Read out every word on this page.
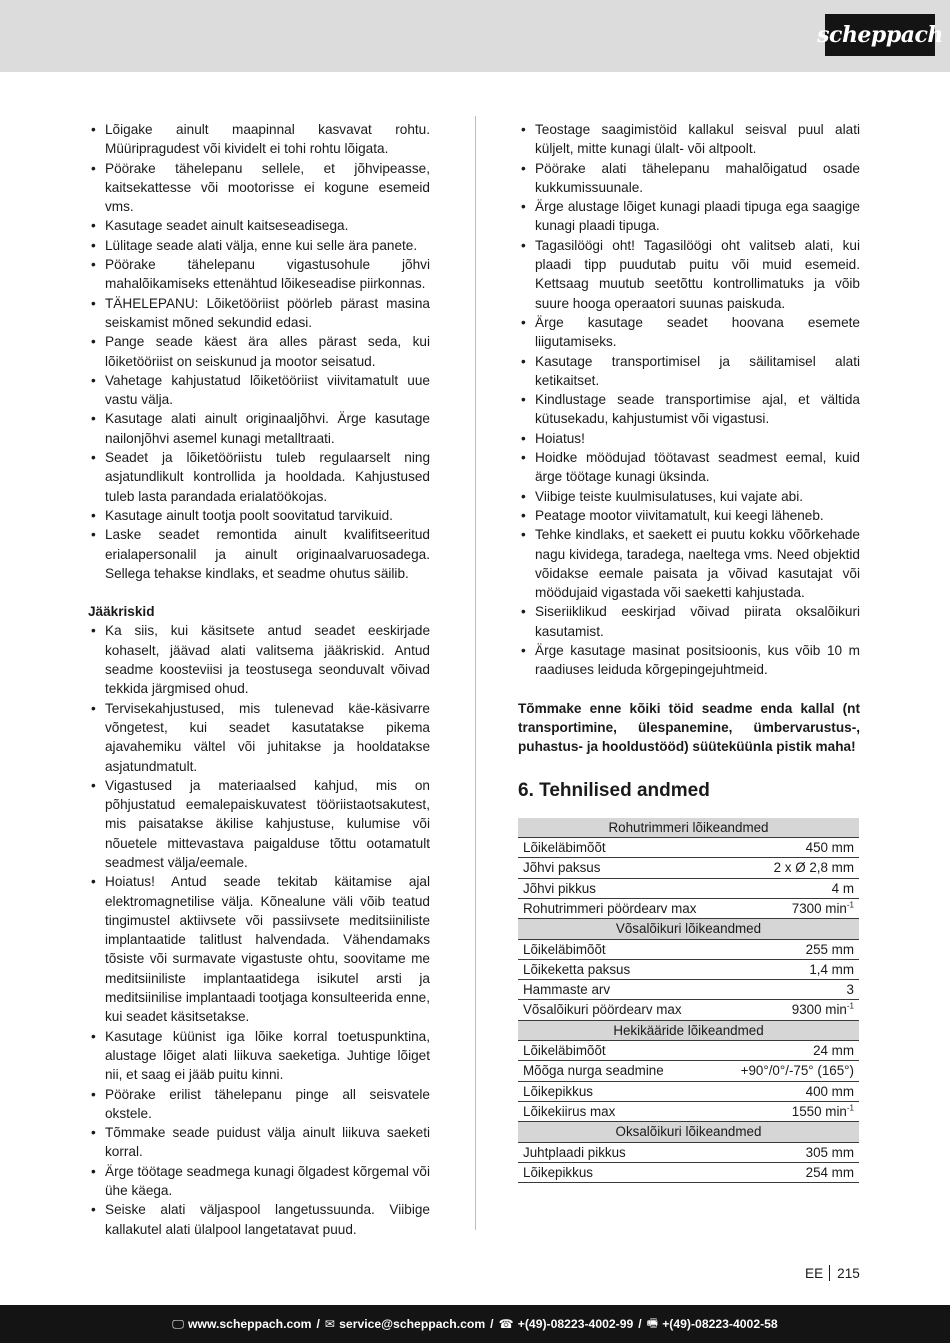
scheppach
• Lõigake ainult maapinnal kasvavat rohtu. Müüripragudest või kividelt ei tohi rohtu lõigata.
• Pöörake tähelepanu sellele, et jõhvipeasse, kaitsekattesse või mootorisse ei kogune esemeid vms.
• Kasutage seadet ainult kaitseseadisega.
• Lülitage seade alati välja, enne kui selle ära panete.
• Pöörake tähelepanu vigastusohule jõhvi mahalõikamiseks ettenähtud lõikeseadise piirkonnas.
• TÄHELEPANU: Lõiketööriist pöörleb pärast masina seiskamist mõned sekundid edasi.
• Pange seade käest ära alles pärast seda, kui lõiketööriist on seiskunud ja mootor seisatud.
• Vahetage kahjustatud lõiketööriist viivitamatult uue vastu välja.
• Kasutage alati ainult originaaljõhvi. Ärge kasutage nailonjõhvi asemel kunagi metalltraati.
• Seadet ja lõiketööriistu tuleb regulaarselt ning asjatundlikult kontrollida ja hooldada. Kahjustused tuleb lasta parandada erialatöökojas.
• Kasutage ainult tootja poolt soovitatud tarvikuid.
• Laske seadet remontida ainult kvalifitseeritud erialapersonalil ja ainult originaalvaruosadega. Sellega tehakse kindlaks, et seadme ohutus säilib.
Jääkriskid
• Ka siis, kui käsitsete antud seadet eeskirjade kohaselt, jäävad alati valitsema jääkriskid. Antud seadme koosteviisi ja teostusega seonduvalt võivad tekkida järgmised ohud.
• Tervisekahjustused, mis tulenevad käe-käsivarre võngetest, kui seadet kasutatakse pikema ajavahemiku vältel või juhitakse ja hooldatakse asjatundmatult.
• Vigastused ja materiaalsed kahjud, mis on põhjustatud eemalepaiskuvatest tööriistaotsakutest, mis paisatakse äkilise kahjustuse, kulumise või nõuetele mittevastava paigalduse tõttu ootamatult seadmest välja/eemale.
• Hoiatus! Antud seade tekitab käitamise ajal elektromagnetilise välja. Kõnealune väli võib teatud tingimustel aktiivsete või passiivsete meditsiiniliste implantaatide talitlust halvendada. Vähendamaks tõsiste või surmavate vigastuste ohtu, soovitame me meditsiiniliste implantaatidega isikutel arsti ja meditsiinilise implantaadi tootjaga konsulteerida enne, kui seadet käsitsetakse.
• Kasutage küünist iga lõike korral toetuspunktina, alustage lõiget alati liikuva saeketiga. Juhtige lõiget nii, et saag ei jääb puitu kinni.
• Pöörake erilist tähelepanu pinge all seisvatele okstele.
• Tõmmake seade puidust välja ainult liikuva saeketi korral.
• Ärge töötage seadmega kunagi õlgadest kõrgemal või ühe käega.
• Seiske alati väljaspool langetussuunda. Viibige kallakutel alati ülalpool langetatavat puud.
• Teostage saagimistöid kallakul seisval puul alati küljelt, mitte kunagi ülalt- või altpoolt.
• Pöörake alati tähelepanu mahalõigatud osade kukkumissuunale.
• Ärge alustage lõiget kunagi plaadi tipuga ega saagige kunagi plaadi tipuga.
• Tagasilöögi oht! Tagasilöögi oht valitseb alati, kui plaadi tipp puudutab puitu või muid esemeid. Kettsaag muutub seetõttu kontrollimatuks ja võib suure hooga operaatori suunas paiskuda.
• Ärge kasutage seadet hoovana esemete liigutamiseks.
• Kasutage transportimisel ja säilitamisel alati ketikaitset.
• Kindlustage seade transportimise ajal, et vältida kütusekadu, kahjustumist või vigastusi.
• Hoiatus!
• Hoidke möödujad töötavast seadmest eemal, kuid ärge töötage kunagi üksinda.
• Viibige teiste kuulmisulatuses, kui vajate abi.
• Peatage mootor viivitamatult, kui keegi läheneb.
• Tehke kindlaks, et saekett ei puutu kokku võõrkehade nagu kividega, taradega, naeltega vms. Need objektid võidakse eemale paisata ja võivad kasutajat või möödujaid vigastada või saeketti kahjustada.
• Siseriiklikud eeskirjad võivad piirata oksalõikuri kasutamist.
• Ärge kasutage masinat positsioonis, kus võib 10 m raadiuses leiduda kõrgepingejuhtmeid.

Tõmmake enne kõiki töid seadme enda kallal (nt transportimine, ülespanemine, ümbervarustus-, puhastus- ja hooldustööd) süüteküünla pistik maha!

6. Tehnilised andmed
Rohutrimmeri lõikeandmed	
Lõikeläbimõõt	450 mm
Jõhvi paksus	2 x Ø 2,8 mm
Jõhvi pikkus	4 m
Rohutrimmeri pöördearv max	7300 $\min^{-1}$
Võsalõikuri lõikeandmed	
Lõikeläbimõõt	255 mm
Lõikeketta paksus	1,4 mm
Hammaste arv	3
Võsalõikuri pöördearv max	9300 $\min^{-1}$
Hekikääride lõikeandmed	
Lõikeläbimõõt	24 mm
Mõõga nurga seadmine	+90°/0°/-75° (165°)
Lõikepikkus	400 mm
Lõikekiirus max	1550 $\min^{-1}$
Oksalõikuri lõikeandmed	
Juhtplaadi pikkus	305 mm
Lõikepikkus	254 mm
EE 215
🖵 www.scheppach.com / ✉ service@scheppach.com / ☎ +(49)-08223-4002-99 / 🖷 +(49)-08223-4002-58
